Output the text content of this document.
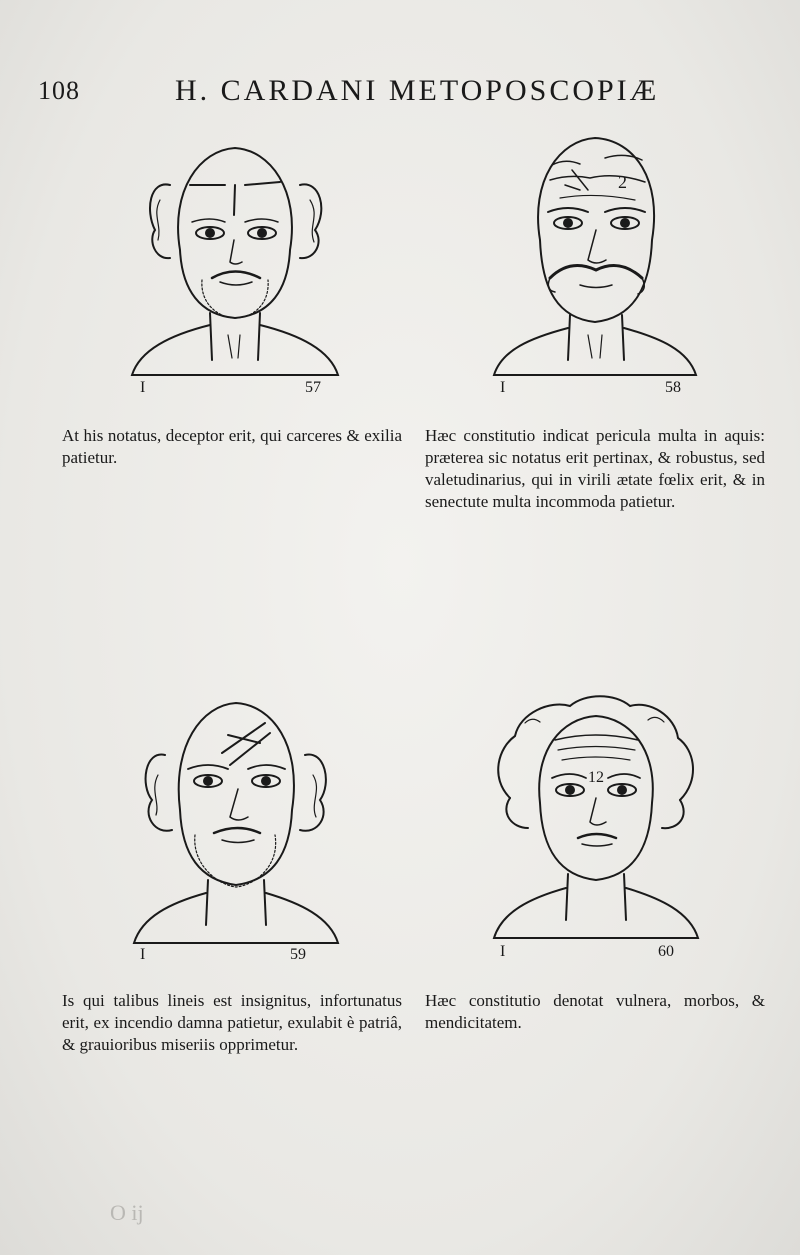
108	H. CARDANI METOPOSCOPIÆ
I	57
2
I	58
At his notatus, deceptor erit, qui carceres & exilia patietur.
Hæc constitutio indicat pericula multa in aquis: præterea sic notatus erit pertinax, & robustus, sed valetudinarius, qui in virili ætate fœlix erit, & in senectute multa incommoda patietur.
I	59
12
I	60
Is qui talibus lineis est insignitus, infortunatus erit, ex incendio damna patietur, exulabit è patriâ, & grauioribus miseriis opprimetur.
Hæc constitutio denotat vulnera, morbos, & mendicitatem.
O ij
